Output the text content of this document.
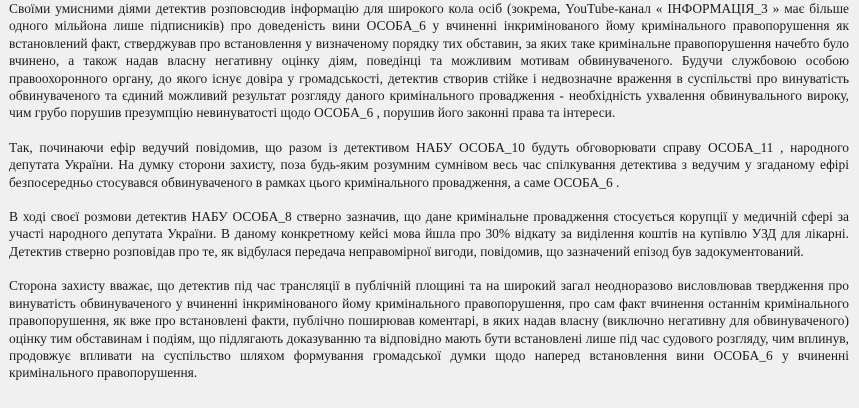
Своїми умисними діями детектив розповсюдив інформацію для широкого кола осіб (зокрема, YouTube-канал « ІНФОРМАЦІЯ_3 » має більше одного мільйона лише підписників) про доведеність вини ОСОБА_6 у вчиненні інкримінованого йому кримінального правопорушення як встановлений факт, стверджував про встановлення у визначеному порядку тих обставин, за яких таке кримінальне правопорушення начебто було вчинено, а також надав власну негативну оцінку діям, поведінці та можливим мотивам обвинуваченого. Будучи службовою особою правоохоронного органу, до якого існує довіра у громадськості, детектив створив стійке і недвозначне враження в суспільстві про винуватість обвинуваченого та єдиний можливий результат розгляду даного кримінального провадження - необхідність ухвалення обвинувального вироку, чим грубо порушив презумпцію невинуватості щодо ОСОБА_6 , порушив його законні права та інтереси.

Так, починаючи ефір ведучий повідомив, що разом із детективом НАБУ ОСОБА_10 будуть обговорювати справу ОСОБА_11 , народного депутата України. На думку сторони захисту, поза будь-яким розумним сумнівом весь час спілкування детектива з ведучим у згаданому ефірі безпосередньо стосувався обвинуваченого в рамках цього кримінального провадження, а саме ОСОБА_6 .

В ході своєї розмови детектив НАБУ ОСОБА_8 стверно зазначив, що дане кримінальне провадження стосується корупції у медичній сфері за участі народного депутата України. В даному конкретному кейсі мова йшла про 30% відкату за виділення коштів на купівлю УЗД для лікарні. Детектив стверно розповідав про те, як відбулася передача неправомірної вигоди, повідомив, що зазначений епізод був задокументований.

Сторона захисту вважає, що детектив під час трансляції в публічній площині та на широкий загал неодноразово висловлював твердження про винуватість обвинуваченого у вчиненні інкримінованого йому кримінального правопорушення, про сам факт вчинення останнім кримінального правопорушення, як вже про встановлені факти, публічно поширював коментарі, в яких надав власну (виключно негативну для обвинуваченого) оцінку тим обставинам і подіям, що підлягають доказуванню та відповідно мають бути встановлені лише під час судового розгляду, чим вплинув, продовжує впливати на суспільство шляхом формування громадської думки щодо наперед встановлення вини ОСОБА_6 у вчиненні кримінального правопорушення.
